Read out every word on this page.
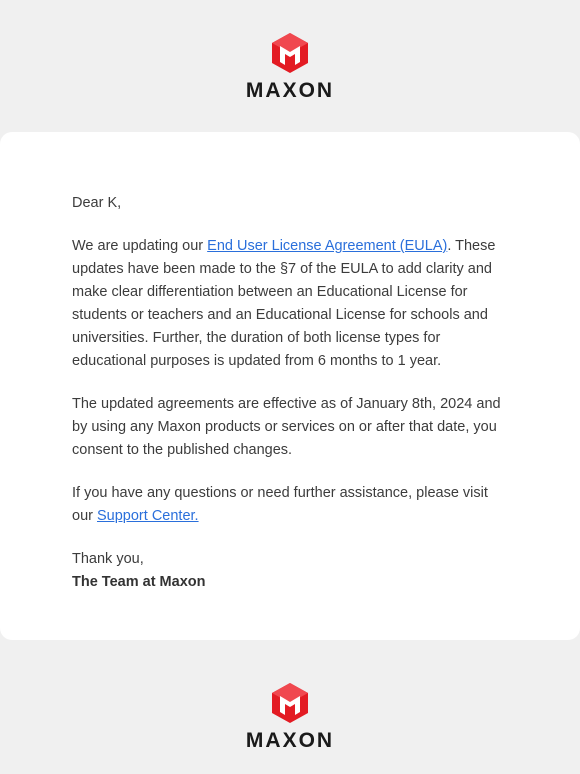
MAXON

Dear K,

We are updating our End User License Agreement (EULA). These updates have been made to the §7 of the EULA to add clarity and make clear differentiation between an Educational License for students or teachers and an Educational License for schools and universities. Further, the duration of both license types for educational purposes is updated from 6 months to 1 year.

The updated agreements are effective as of January 8th, 2024 and by using any Maxon products or services on or after that date, you consent to the published changes.

If you have any questions or need further assistance, please visit our Support Center.

Thank you,

The Team at Maxon

MAXON
